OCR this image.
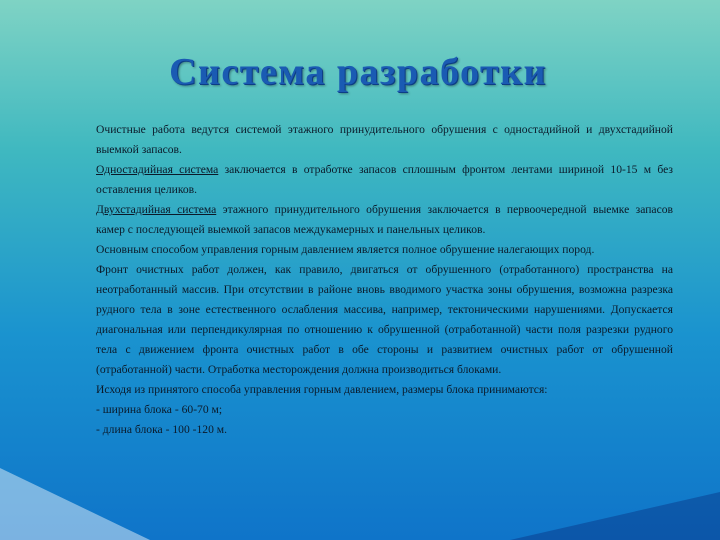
Система разработки

Очистные работа ведутся системой этажного принудительного обрушения с одностадийной и двухстадийной выемкой запасов.

Одностадийная система заключается в отработке запасов сплошным фронтом лентами шириной 10-15 м без оставления целиков.

Двухстадийная система этажного принудительного обрушения заключается в первоочередной выемке запасов камер с последующей выемкой запасов междукамерных и панельных целиков.

Основным способом управления горным давлением является полное обрушение налегающих пород.

Фронт очистных работ должен, как правило, двигаться от обрушенного (отработанного) пространства на неотработанный массив. При отсутствии в районе вновь вводимого участка зоны обрушения, возможна разрезка рудного тела в зоне естественного ослабления массива, например, тектоническими нарушениями. Допускается диагональная или перпендикулярная по отношению к обрушенной (отработанной) части поля разрезки рудного тела с движением фронта очистных работ в обе стороны и развитием очистных работ от обрушенной (отработанной) части. Отработка месторождения должна производиться блоками.

Исходя из принятого способа управления горным давлением, размеры блока принимаются:

- ширина блока - 60-70 м;

- длина блока - 100 -120 м.
